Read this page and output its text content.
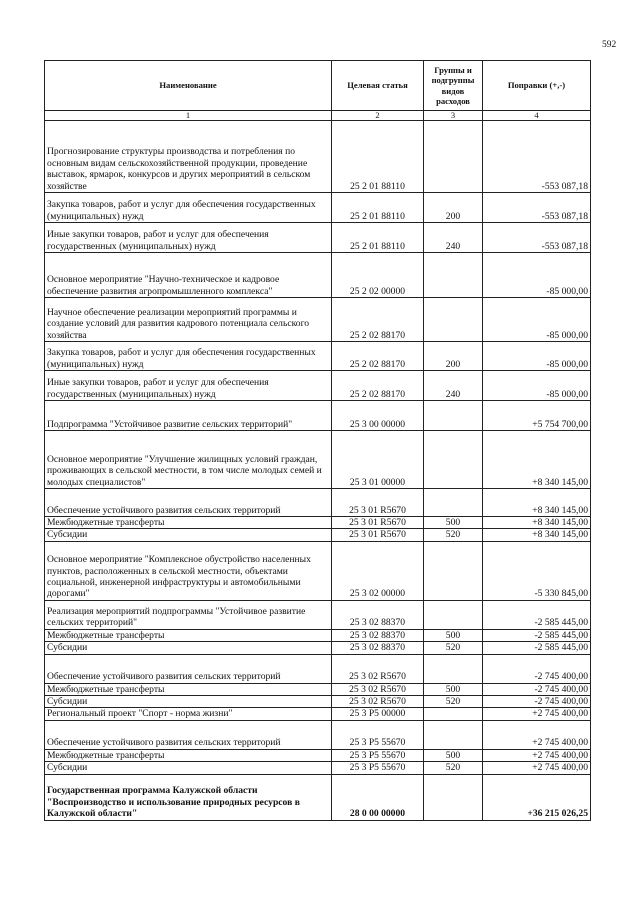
592
Наименование	Целевая статья	Группы и подгруппы видов расходов	Поправки (+,-)
1	2	3	4
Прогнозирование структуры производства и потребления по основным видам сельскохозяйственной продукции, проведение выставок, ярмарок, конкурсов и других мероприятий в сельском хозяйстве	25 2 01 88110		-553 087,18
Закупка товаров, работ и услуг для обеспечения государственных (муниципальных) нужд	25 2 01 88110	200	-553 087,18
Иные закупки товаров, работ и услуг для обеспечения государственных (муниципальных) нужд	25 2 01 88110	240	-553 087,18
Основное мероприятие "Научно-техническое и кадровое обеспечение развития агропромышленного комплекса"	25 2 02 00000		-85 000,00
Научное обеспечение реализации мероприятий программы и создание условий для развития кадрового потенциала сельского хозяйства	25 2 02 88170		-85 000,00
Закупка товаров, работ и услуг для обеспечения государственных (муниципальных) нужд	25 2 02 88170	200	-85 000,00
Иные закупки товаров, работ и услуг для обеспечения государственных (муниципальных) нужд	25 2 02 88170	240	-85 000,00
Подпрограмма "Устойчивое развитие сельских территорий"	25 3 00 00000		+5 754 700,00
Основное мероприятие "Улучшение жилищных условий граждан, проживающих в сельской местности, в том числе молодых семей и молодых специалистов"	25 3 01 00000		+8 340 145,00
Обеспечение устойчивого развития сельских территорий	25 3 01 R5670		+8 340 145,00
Межбюджетные трансферты	25 3 01 R5670	500	+8 340 145,00
Субсидии	25 3 01 R5670	520	+8 340 145,00
Основное мероприятие "Комплексное обустройство населенных пунктов, расположенных в сельской местности, объектами социальной, инженерной инфраструктуры и автомобильными дорогами"	25 3 02 00000		-5 330 845,00
Реализация мероприятий подпрограммы "Устойчивое развитие сельских территорий"	25 3 02 88370		-2 585 445,00
Межбюджетные трансферты	25 3 02 88370	500	-2 585 445,00
Субсидии	25 3 02 88370	520	-2 585 445,00
Обеспечение устойчивого развития сельских территорий	25 3 02 R5670		-2 745 400,00
Межбюджетные трансферты	25 3 02 R5670	500	-2 745 400,00
Субсидии	25 3 02 R5670	520	-2 745 400,00
Региональный проект "Спорт - норма жизни"	25 3 P5 00000		+2 745 400,00
Обеспечение устойчивого развития сельских территорий	25 3 P5 55670		+2 745 400,00
Межбюджетные трансферты	25 3 P5 55670	500	+2 745 400,00
Субсидии	25 3 P5 55670	520	+2 745 400,00
Государственная программа Калужской области "Воспроизводство и использование природных ресурсов в Калужской области"	28 0 00 00000		+36 215 026,25
